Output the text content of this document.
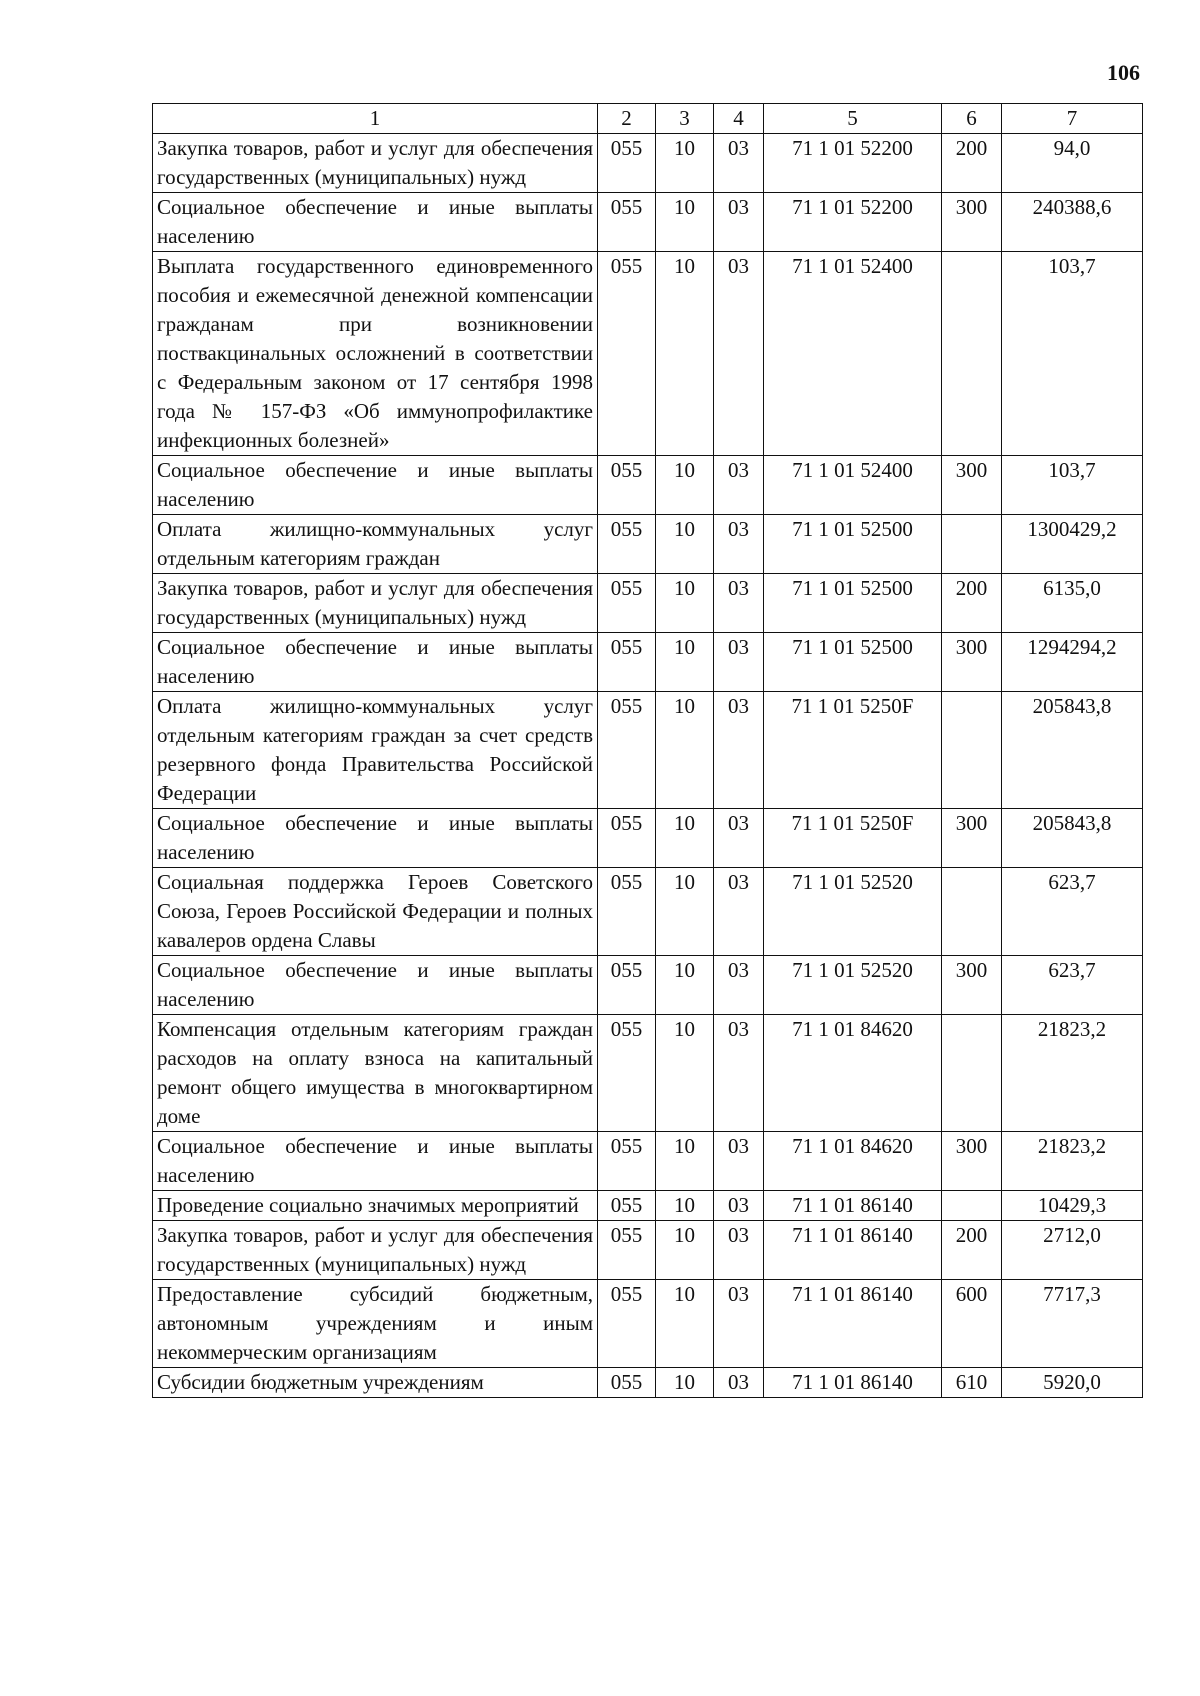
106
1	2	3	4	5	6	7
Закупка товаров, работ и услуг для обеспечения государственных (муниципальных) нужд	055	10	03	71 1 01 52200	200	94,0
Социальное обеспечение и иные выплаты населению	055	10	03	71 1 01 52200	300	240388,6
Выплата государственного единовременного пособия и ежемесячной денежной компенсации гражданам при возникновении поствакцинальных осложнений в соответствии с Федеральным законом от 17 сентября 1998 года № 157-ФЗ «Об иммунопрофилактике инфекционных болезней»	055	10	03	71 1 01 52400		103,7
Социальное обеспечение и иные выплаты населению	055	10	03	71 1 01 52400	300	103,7
Оплата жилищно-коммунальных услуг отдельным категориям граждан	055	10	03	71 1 01 52500		1300429,2
Закупка товаров, работ и услуг для обеспечения государственных (муниципальных) нужд	055	10	03	71 1 01 52500	200	6135,0
Социальное обеспечение и иные выплаты населению	055	10	03	71 1 01 52500	300	1294294,2
Оплата жилищно-коммунальных услуг отдельным категориям граждан за счет средств резервного фонда Правительства Российской Федерации	055	10	03	71 1 01 5250F		205843,8
Социальное обеспечение и иные выплаты населению	055	10	03	71 1 01 5250F	300	205843,8
Социальная поддержка Героев Советского Союза, Героев Российской Федерации и полных кавалеров ордена Славы	055	10	03	71 1 01 52520		623,7
Социальное обеспечение и иные выплаты населению	055	10	03	71 1 01 52520	300	623,7
Компенсация отдельным категориям граждан расходов на оплату взноса на капитальный ремонт общего имущества в многоквартирном доме	055	10	03	71 1 01 84620		21823,2
Социальное обеспечение и иные выплаты населению	055	10	03	71 1 01 84620	300	21823,2
Проведение социально значимых мероприятий	055	10	03	71 1 01 86140		10429,3
Закупка товаров, работ и услуг для обеспечения государственных (муниципальных) нужд	055	10	03	71 1 01 86140	200	2712,0
Предоставление субсидий бюджетным, автономным учреждениям и иным некоммерческим организациям	055	10	03	71 1 01 86140	600	7717,3
Субсидии бюджетным учреждениям	055	10	03	71 1 01 86140	610	5920,0
